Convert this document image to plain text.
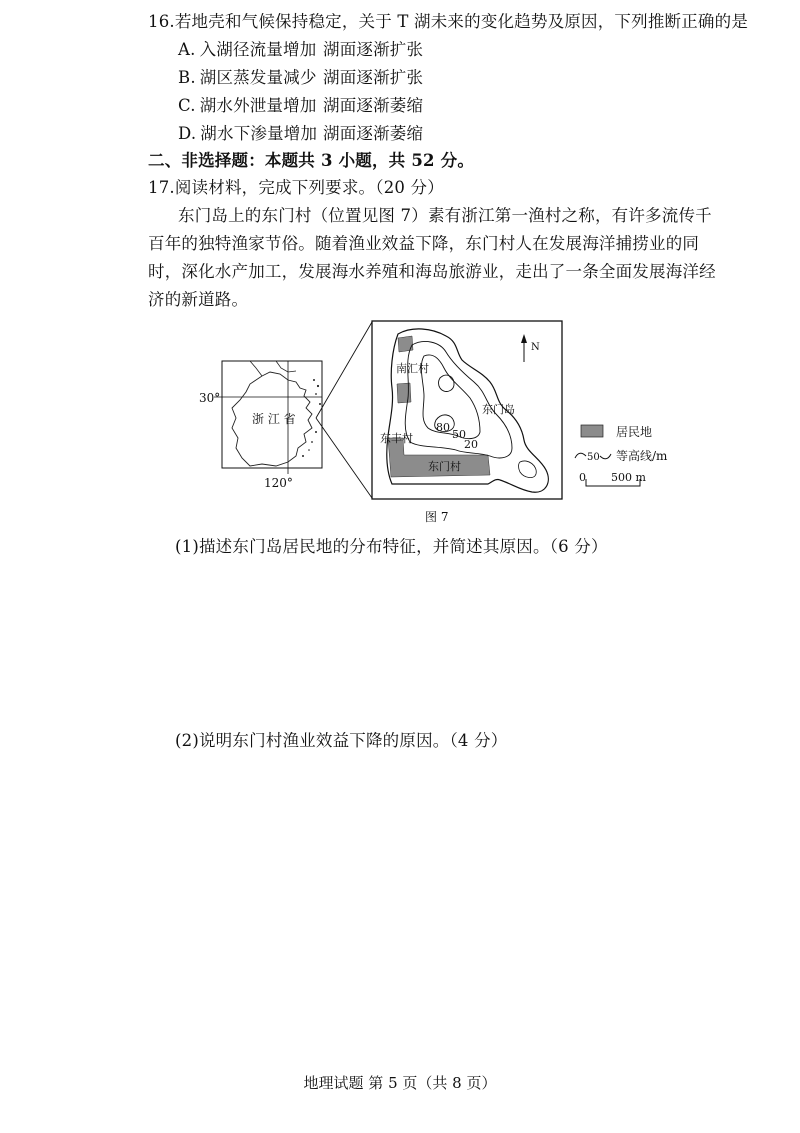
16.若地壳和气候保持稳定，关于 T 湖未来的变化趋势及原因，下列推断正确的是
A. 入湖径流量增加 湖面逐渐扩张
B. 湖区蒸发量减少 湖面逐渐扩张
C. 湖水外泄量增加 湖面逐渐萎缩
D. 湖水下渗量增加 湖面逐渐萎缩
二、非选择题：本题共 3 小题，共 52 分。
17.阅读材料，完成下列要求。（20 分）
东门岛上的东门村（位置见图 7）素有浙江第一渔村之称，有许多流传千
百年的独特渔家节俗。随着渔业效益下降，东门村人在发展海洋捕捞业的同
时，深化水产加工，发展海水养殖和海岛旅游业，走出了一条全面发展海洋经
济的新道路。
30°
120°
浙 江 省
南汇村
东门岛
东丰村
东门村
80
50
20
N
居民地
50 等高线/m
0 500 m
图 7
(1)描述东门岛居民地的分布特征，并简述其原因。（6 分）
(2)说明东门村渔业效益下降的原因。（4 分）
地理试题 第 5 页（共 8 页）
